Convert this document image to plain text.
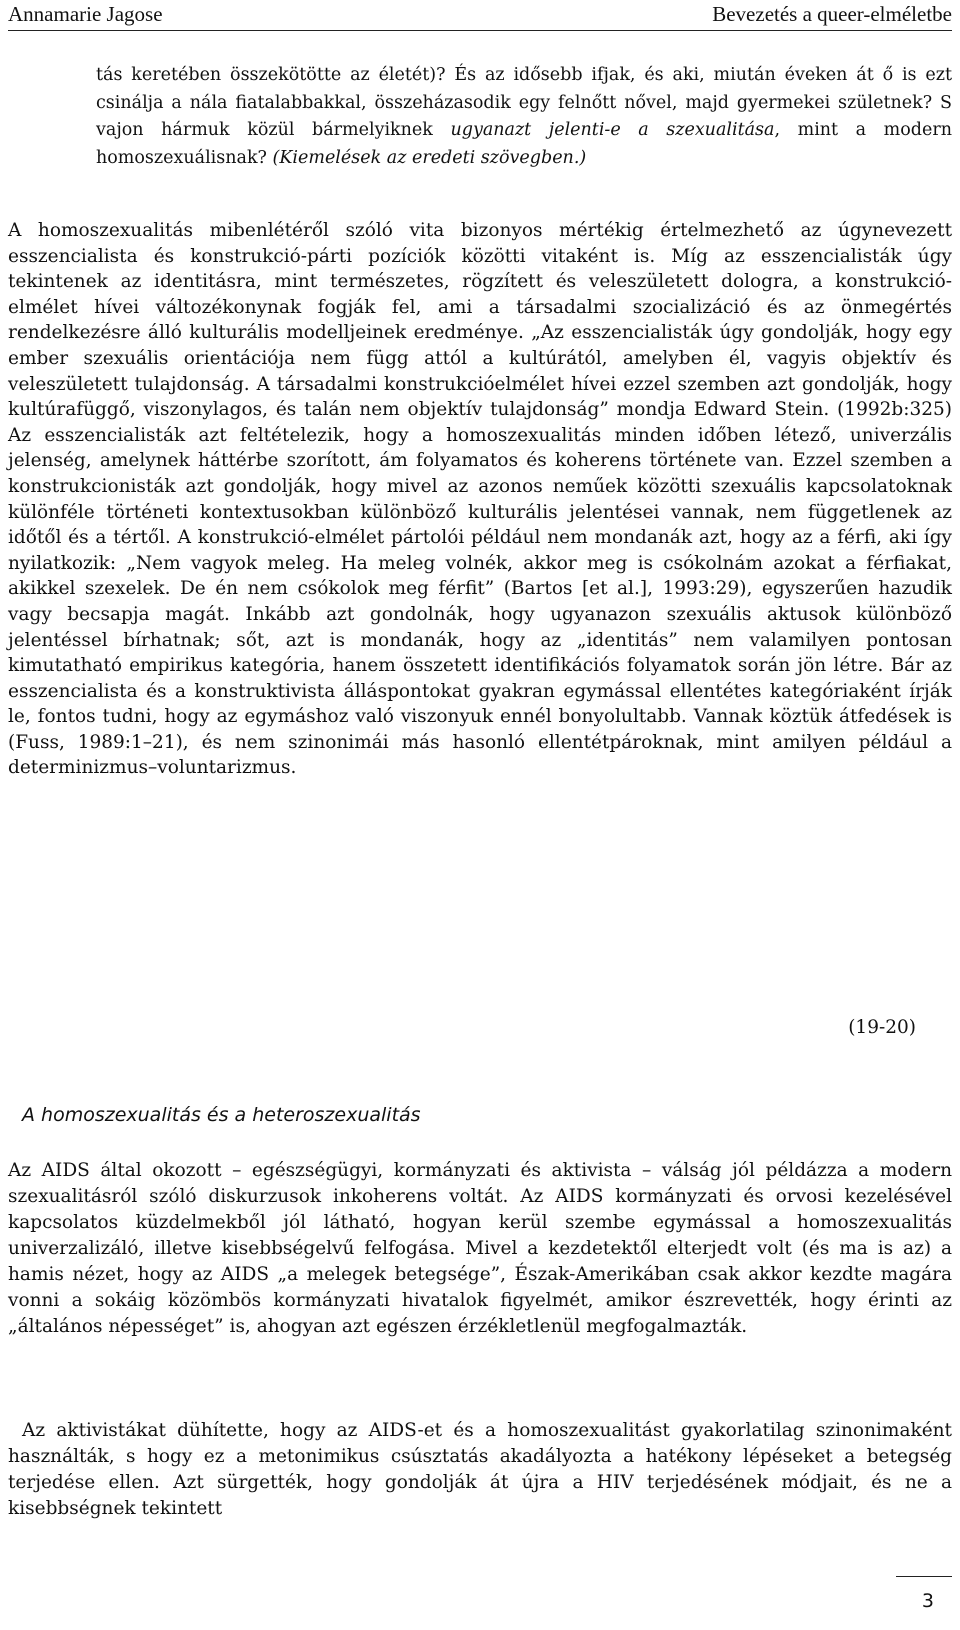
Annamarie Jagose	Bevezetés a queer-elméletbe
tás keretében összekötötte az életét)? És az idősebb ifjak, és aki, miután éveken át ő is ezt csinálja a nála fiatalabbakkal, összeházasodik egy felnőtt nővel, majd gyermekei születnek? S vajon hármuk közül bármelyiknek ugyanazt jelenti-e a szexualitása, mint a modern homoszexuálisnak? (Kiemelések az eredeti szövegben.)
A homoszexualitás mibenlétéről szóló vita bizonyos mértékig értelmezhető az úgynevezett esszencialista és konstrukció-párti pozíciók közötti vitaként is. Míg az esszencialisták úgy tekintenek az identitásra, mint természetes, rögzített és veleszületett dologra, a konstrukció-elmélet hívei változékonynak fogják fel, ami a társadalmi szocializáció és az önmegértés rendelkezésre álló kulturális modelljeinek eredménye. „Az esszencialisták úgy gondolják, hogy egy ember szexuális orientációja nem függ attól a kultúrától, amelyben él, vagyis objektív és veleszületett tulajdonság. A társadalmi konstrukcióelmélet hívei ezzel szemben azt gondolják, hogy kultúrafüggő, viszonylagos, és talán nem objektív tulajdonság” mondja Edward Stein. (1992b:325) Az esszencialisták azt feltételezik, hogy a homoszexualitás minden időben létező, univerzális jelenség, amelynek háttérbe szorított, ám folyamatos és koherens története van. Ezzel szemben a konstrukcionisták azt gondolják, hogy mivel az azonos neműek közötti szexuális kapcsolatoknak különféle történeti kontextusokban különböző kulturális jelentései vannak, nem függetlenek az időtől és a tértől. A konstrukció-elmélet pártolói például nem mondanák azt, hogy az a férfi, aki így nyilatkozik: „Nem vagyok meleg. Ha meleg volnék, akkor meg is csókolnám azokat a férfiakat, akikkel szexelek. De én nem csókolok meg férfit” (Bartos [et al.], 1993:29), egyszerűen hazudik vagy becsapja magát. Inkább azt gondolnák, hogy ugyanazon szexuális aktusok különböző jelentéssel bírhatnak; sőt, azt is mondanák, hogy az „identitás” nem valamilyen pontosan kimutatható empirikus kategória, hanem összetett identifikációs folyamatok során jön létre. Bár az esszencialista és a konstruktivista álláspontokat gyakran egymással ellentétes kategóriaként írják le, fontos tudni, hogy az egymáshoz való viszonyuk ennél bonyolultabb. Vannak köztük átfedések is (Fuss, 1989:1–21), és nem szinonimái más hasonló ellentétpároknak, mint amilyen például a determinizmus–voluntarizmus.
(19-20)
A homoszexualitás és a heteroszexualitás
Az AIDS által okozott – egészségügyi, kormányzati és aktivista – válság jól példázza a modern szexualitásról szóló diskurzusok inkoherens voltát. Az AIDS kormányzati és orvosi kezelésével kapcsolatos küzdelmekből jól látható, hogyan kerül szembe egymással a homoszexualitás univerzalizáló, illetve kisebbségelvű felfogása. Mivel a kezdetektől elterjedt volt (és ma is az) a hamis nézet, hogy az AIDS „a melegek betegsége”, Észak-Amerikában csak akkor kezdte magára vonni a sokáig közömbös kormányzati hivatalok figyelmét, amikor észrevették, hogy érinti az „általános népességet” is, ahogyan azt egészen érzékletlenül megfogalmazták.
Az aktivistákat dühítette, hogy az AIDS-et és a homoszexualitást gyakorlatilag szinonimaként használták, s hogy ez a metonimikus csúsztatás akadályozta a hatékony lépéseket a betegség terjedése ellen. Azt sürgették, hogy gondolják át újra a HIV terjedésének módjait, és ne a kisebbségnek tekintett
3
